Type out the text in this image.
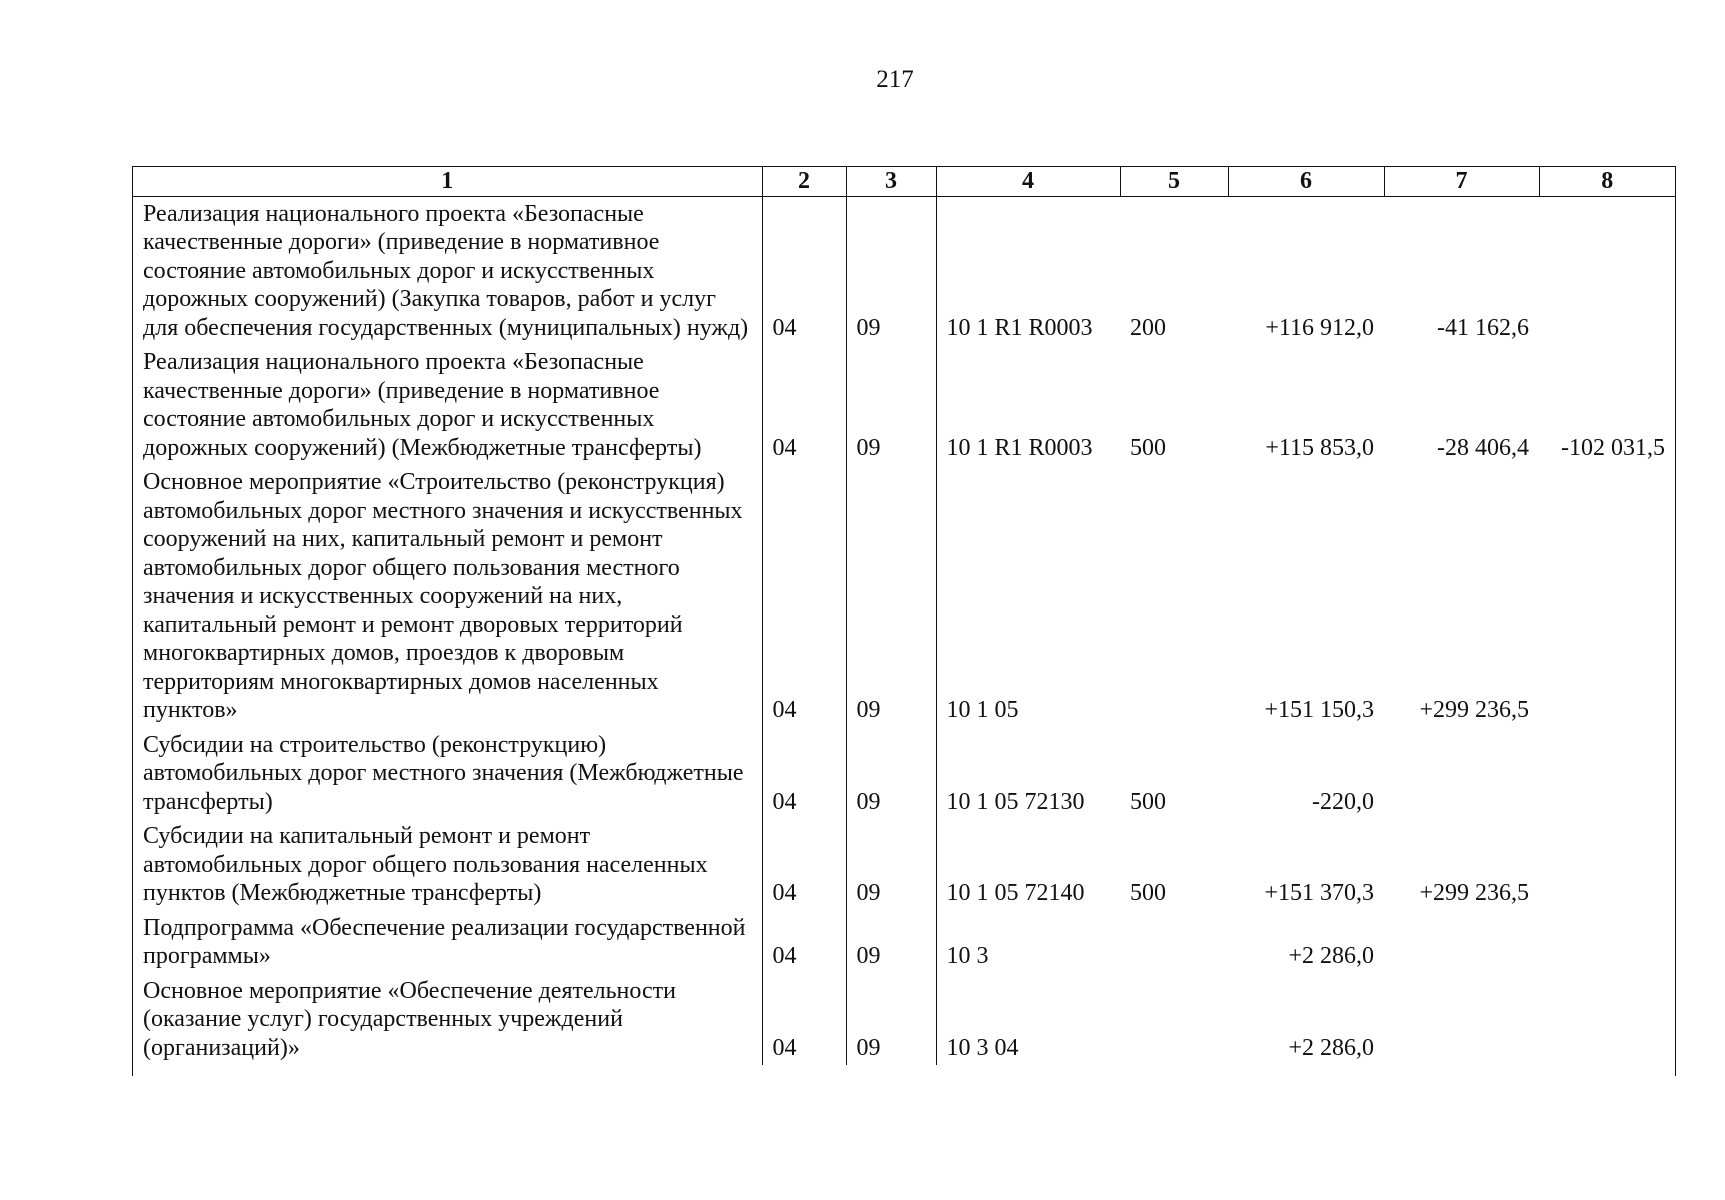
217
1	2	3	4	5	6	7	8
Реализация национального проекта «Безопасные качественные дороги» (приведение в нормативное состояние автомобильных дорог и искусственных дорожных сооружений) (Закупка товаров, работ и услуг для обеспечения государственных (муниципальных) нужд)	04	09	10 1 R1 R0003	200	+116 912,0	-41 162,6	
Реализация национального проекта «Безопасные качественные дороги» (приведение в нормативное состояние автомобильных дорог и искусственных дорожных сооружений) (Межбюджетные трансферты)	04	09	10 1 R1 R0003	500	+115 853,0	-28 406,4	-102 031,5
Основное мероприятие «Строительство (реконструкция) автомобильных дорог местного значения и искусственных сооружений на них, капитальный ремонт и ремонт автомобильных дорог общего пользования местного значения и искусственных сооружений на них, капитальный ремонт и ремонт дворовых территорий многоквартирных домов, проездов к дворовым территориям многоквартирных домов населенных пунктов»	04	09	10 1 05		+151 150,3	+299 236,5	
Субсидии на строительство (реконструкцию) автомобильных дорог местного значения (Межбюджетные трансферты)	04	09	10 1 05 72130	500	-220,0		
Субсидии на капитальный ремонт и ремонт автомобильных дорог общего пользования населенных пунктов (Межбюджетные трансферты)	04	09	10 1 05 72140	500	+151 370,3	+299 236,5	
Подпрограмма «Обеспечение реализации государственной программы»	04	09	10 3		+2 286,0		
Основное мероприятие «Обеспечение деятельности (оказание услуг) государственных учреждений (организаций)»	04	09	10 3 04		+2 286,0		
